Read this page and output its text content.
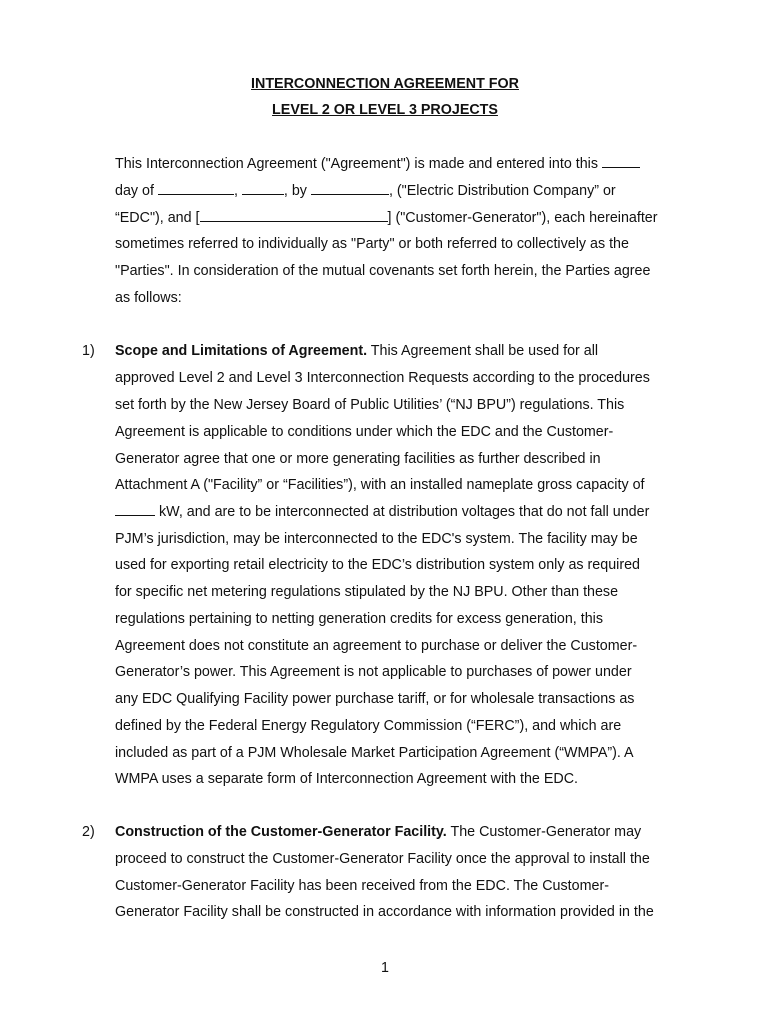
INTERCONNECTION AGREEMENT FOR
LEVEL 2 OR LEVEL 3 PROJECTS
This Interconnection Agreement ("Agreement") is made and entered into this
day of	,	, by	, ("Electric Distribution Company” or
“EDC"), and [	] ("Customer-Generator"), each hereinafter
sometimes referred to individually as "Party" or both referred to collectively as the
"Parties". In consideration of the mutual covenants set forth herein, the Parties agree
as follows:
1) Scope and Limitations of Agreement. This Agreement shall be used for all
approved Level 2 and Level 3 Interconnection Requests according to the procedures
set forth by the New Jersey Board of Public Utilities’ (“NJ BPU”) regulations. This
Agreement is applicable to conditions under which the EDC and the Customer-
Generator agree that one or more generating facilities as further described in
Attachment A ("Facility” or “Facilities”), with an installed nameplate gross capacity of
kW, and are to be interconnected at distribution voltages that do not fall under
PJM’s jurisdiction, may be interconnected to the EDC's system. The facility may be
used for exporting retail electricity to the EDC’s distribution system only as required
for specific net metering regulations stipulated by the NJ BPU. Other than these
regulations pertaining to netting generation credits for excess generation, this
Agreement does not constitute an agreement to purchase or deliver the Customer-
Generator’s power. This Agreement is not applicable to purchases of power under
any EDC Qualifying Facility power purchase tariff, or for wholesale transactions as
defined by the Federal Energy Regulatory Commission (“FERC”), and which are
included as part of a PJM Wholesale Market Participation Agreement (“WMPA”). A
WMPA uses a separate form of Interconnection Agreement with the EDC.
2) Construction of the Customer-Generator Facility. The Customer-Generator may
proceed to construct the Customer-Generator Facility once the approval to install the
Customer-Generator Facility has been received from the EDC. The Customer-
Generator Facility shall be constructed in accordance with information provided in the
1
